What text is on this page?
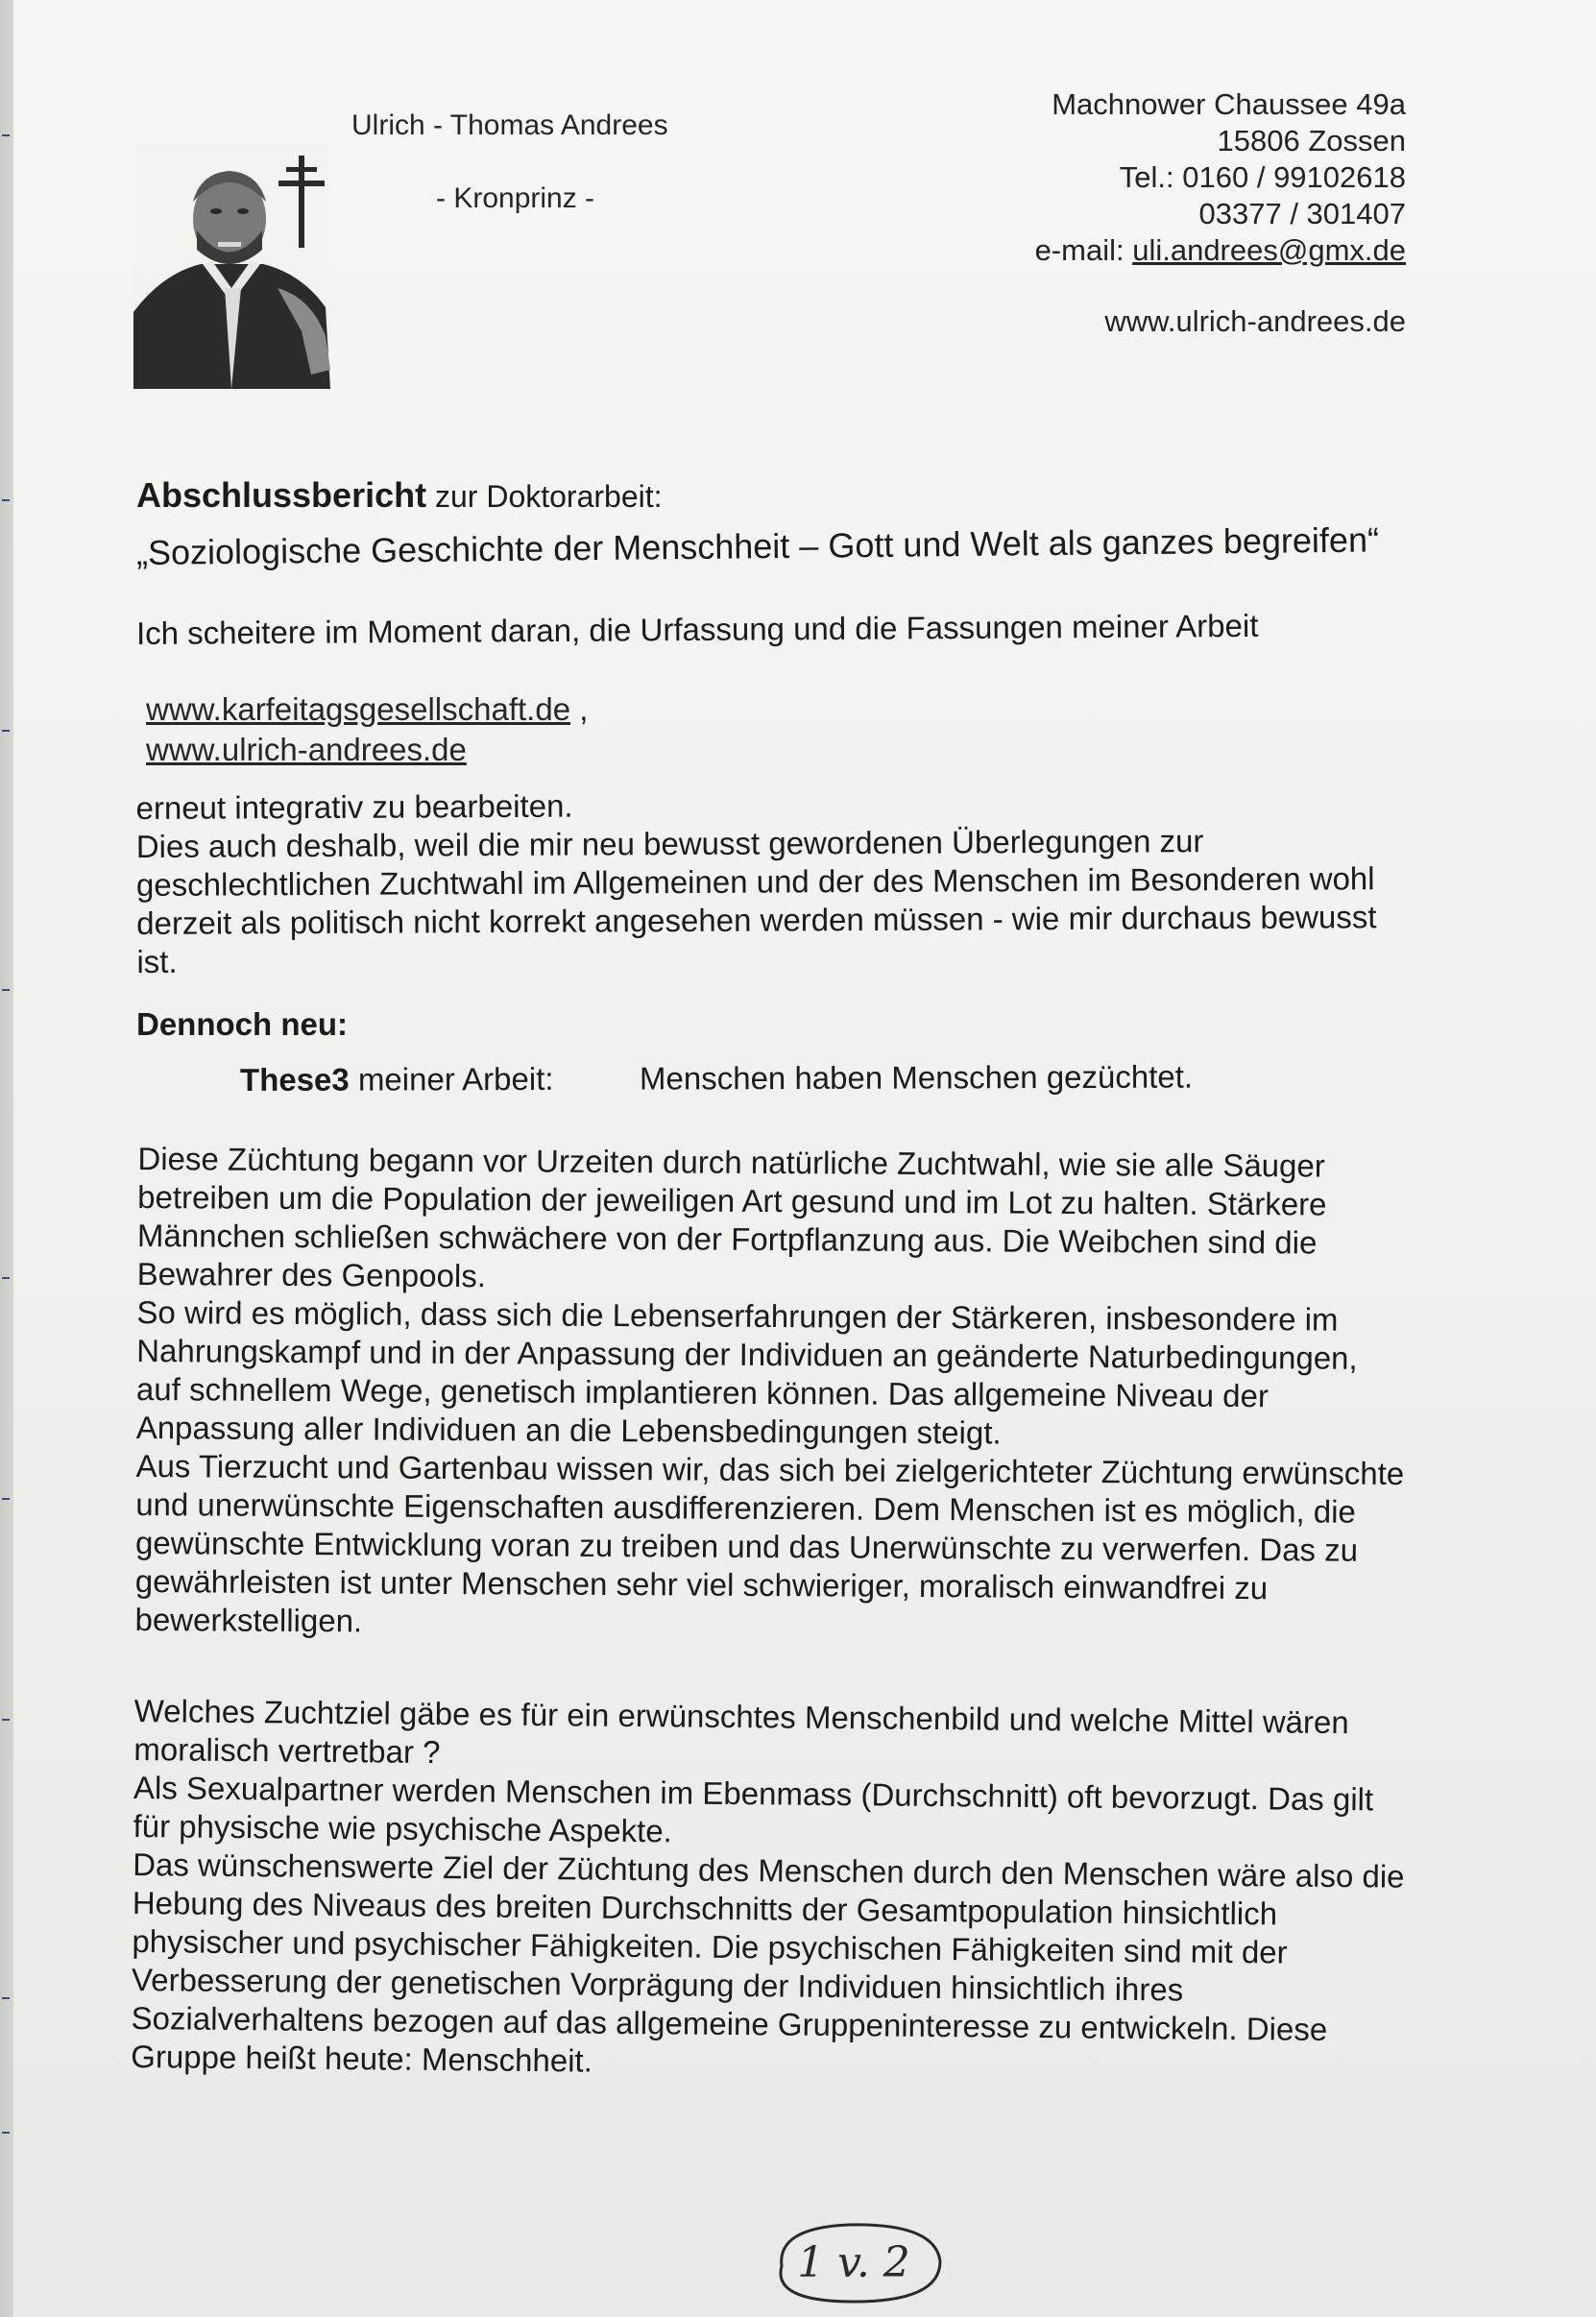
Ulrich - Thomas Andrees
- Kronprinz -
Machnower Chaussee 49a
15806 Zossen
Tel.: 0160 / 99102618
03377 / 301407
e-mail: uli.andrees@gmx.de
www.ulrich-andrees.de
Abschlussbericht zur Doktorarbeit:
„Soziologische Geschichte der Menschheit – Gott und Welt als ganzes begreifen“
Ich scheitere im Moment daran, die Urfassung und die Fassungen meiner Arbeit
www.karfeitagsgesellschaft.de ,
www.ulrich-andrees.de

erneut integrativ zu bearbeiten.

Dies auch deshalb, weil die mir neu bewusst gewordenen Überlegungen zur

geschlechtlichen Zuchtwahl im Allgemeinen und der des Menschen im Besonderen wohl

derzeit als politisch nicht korrekt angesehen werden müssen - wie mir durchaus bewusst

ist.

Dennoch neu:
These3 meiner Arbeit:	Menschen haben Menschen gezüchtet.

Diese Züchtung begann vor Urzeiten durch natürliche Zuchtwahl, wie sie alle Säuger

betreiben um die Population der jeweiligen Art gesund und im Lot zu halten. Stärkere

Männchen schließen schwächere von der Fortpflanzung aus. Die Weibchen sind die

Bewahrer des Genpools.

So wird es möglich, dass sich die Lebenserfahrungen der Stärkeren, insbesondere im

Nahrungskampf und in der Anpassung der Individuen an geänderte Naturbedingungen,

auf schnellem Wege, genetisch implantieren können. Das allgemeine Niveau der

Anpassung aller Individuen an die Lebensbedingungen steigt.

Aus Tierzucht und Gartenbau wissen wir, das sich bei zielgerichteter Züchtung erwünschte

und unerwünschte Eigenschaften ausdifferenzieren. Dem Menschen ist es möglich, die

gewünschte Entwicklung voran zu treiben und das Unerwünschte zu verwerfen. Das zu

gewährleisten ist unter Menschen sehr viel schwieriger, moralisch einwandfrei zu

bewerkstelligen.

Welches Zuchtziel gäbe es für ein erwünschtes Menschenbild und welche Mittel wären

moralisch vertretbar ?

Als Sexualpartner werden Menschen im Ebenmass (Durchschnitt) oft bevorzugt. Das gilt

für physische wie psychische Aspekte.

Das wünschenswerte Ziel der Züchtung des Menschen durch den Menschen wäre also die

Hebung des Niveaus des breiten Durchschnitts der Gesamtpopulation hinsichtlich

physischer und psychischer Fähigkeiten. Die psychischen Fähigkeiten sind mit der

Verbesserung der genetischen Vorprägung der Individuen hinsichtlich ihres

Sozialverhaltens bezogen auf das allgemeine Gruppeninteresse zu entwickeln. Diese

Gruppe heißt heute: Menschheit.

1 v. 2
